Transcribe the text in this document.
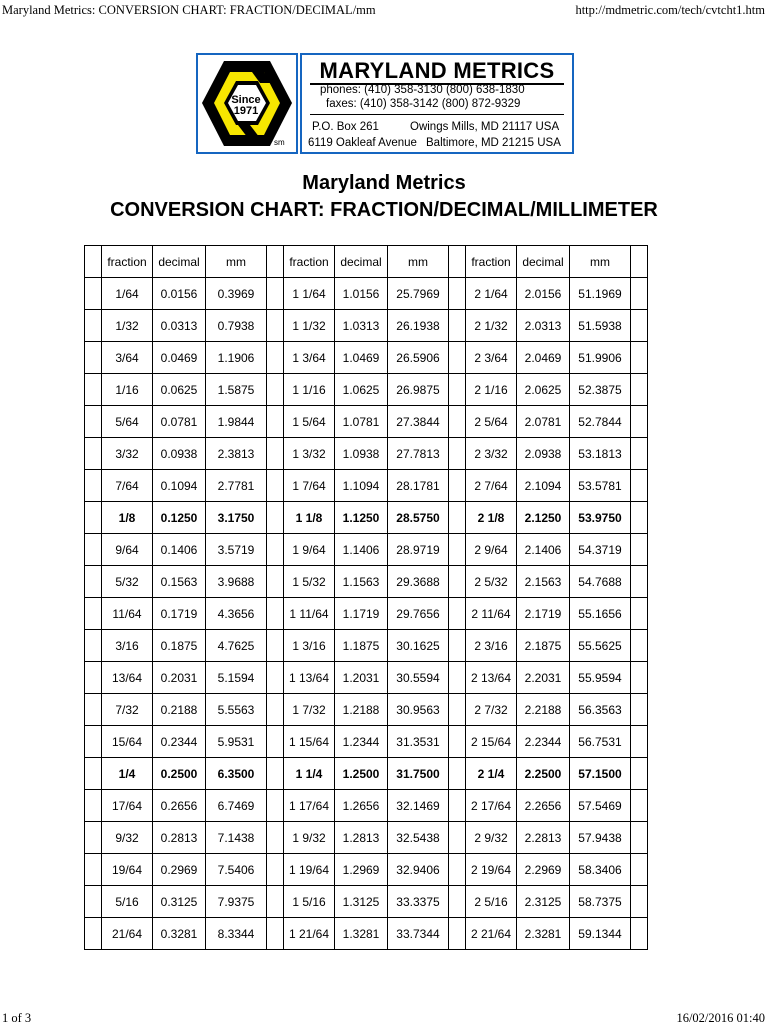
Maryland Metrics: CONVERSION CHART: FRACTION/DECIMAL/mm	http://mdmetric.com/tech/cvtcht1.htm
Since 1971
sm
MARYLAND METRICS
phones: (410) 358-3130 (800) 638-1830
faxes: (410) 358-3142 (800) 872-9329
P.O. Box 261	Owings Mills, MD 21117 USA
6119 Oakleaf Avenue Baltimore, MD 21215 USA
Maryland Metrics
CONVERSION CHART: FRACTION/DECIMAL/MILLIMETER
	fraction	decimal	mm		fraction	decimal	mm		fraction	decimal	mm	
	1/64	0.0156	0.3969		1 1/64	1.0156	25.7969		2 1/64	2.0156	51.1969	
	1/32	0.0313	0.7938		1 1/32	1.0313	26.1938		2 1/32	2.0313	51.5938	
	3/64	0.0469	1.1906		1 3/64	1.0469	26.5906		2 3/64	2.0469	51.9906	
	1/16	0.0625	1.5875		1 1/16	1.0625	26.9875		2 1/16	2.0625	52.3875	
	5/64	0.0781	1.9844		1 5/64	1.0781	27.3844		2 5/64	2.0781	52.7844	
	3/32	0.0938	2.3813		1 3/32	1.0938	27.7813		2 3/32	2.0938	53.1813	
	7/64	0.1094	2.7781		1 7/64	1.1094	28.1781		2 7/64	2.1094	53.5781	
	1/8	0.1250	3.1750		1 1/8	1.1250	28.5750		2 1/8	2.1250	53.9750	
	9/64	0.1406	3.5719		1 9/64	1.1406	28.9719		2 9/64	2.1406	54.3719	
	5/32	0.1563	3.9688		1 5/32	1.1563	29.3688		2 5/32	2.1563	54.7688	
	11/64	0.1719	4.3656		1 11/64	1.1719	29.7656		2 11/64	2.1719	55.1656	
	3/16	0.1875	4.7625		1 3/16	1.1875	30.1625		2 3/16	2.1875	55.5625	
	13/64	0.2031	5.1594		1 13/64	1.2031	30.5594		2 13/64	2.2031	55.9594	
	7/32	0.2188	5.5563		1 7/32	1.2188	30.9563		2 7/32	2.2188	56.3563	
	15/64	0.2344	5.9531		1 15/64	1.2344	31.3531		2 15/64	2.2344	56.7531	
	1/4	0.2500	6.3500		1 1/4	1.2500	31.7500		2 1/4	2.2500	57.1500	
	17/64	0.2656	6.7469		1 17/64	1.2656	32.1469		2 17/64	2.2656	57.5469	
	9/32	0.2813	7.1438		1 9/32	1.2813	32.5438		2 9/32	2.2813	57.9438	
	19/64	0.2969	7.5406		1 19/64	1.2969	32.9406		2 19/64	2.2969	58.3406	
	5/16	0.3125	7.9375		1 5/16	1.3125	33.3375		2 5/16	2.3125	58.7375	
	21/64	0.3281	8.3344		1 21/64	1.3281	33.7344		2 21/64	2.3281	59.1344	
1 of 3	16/02/2016 01:40
